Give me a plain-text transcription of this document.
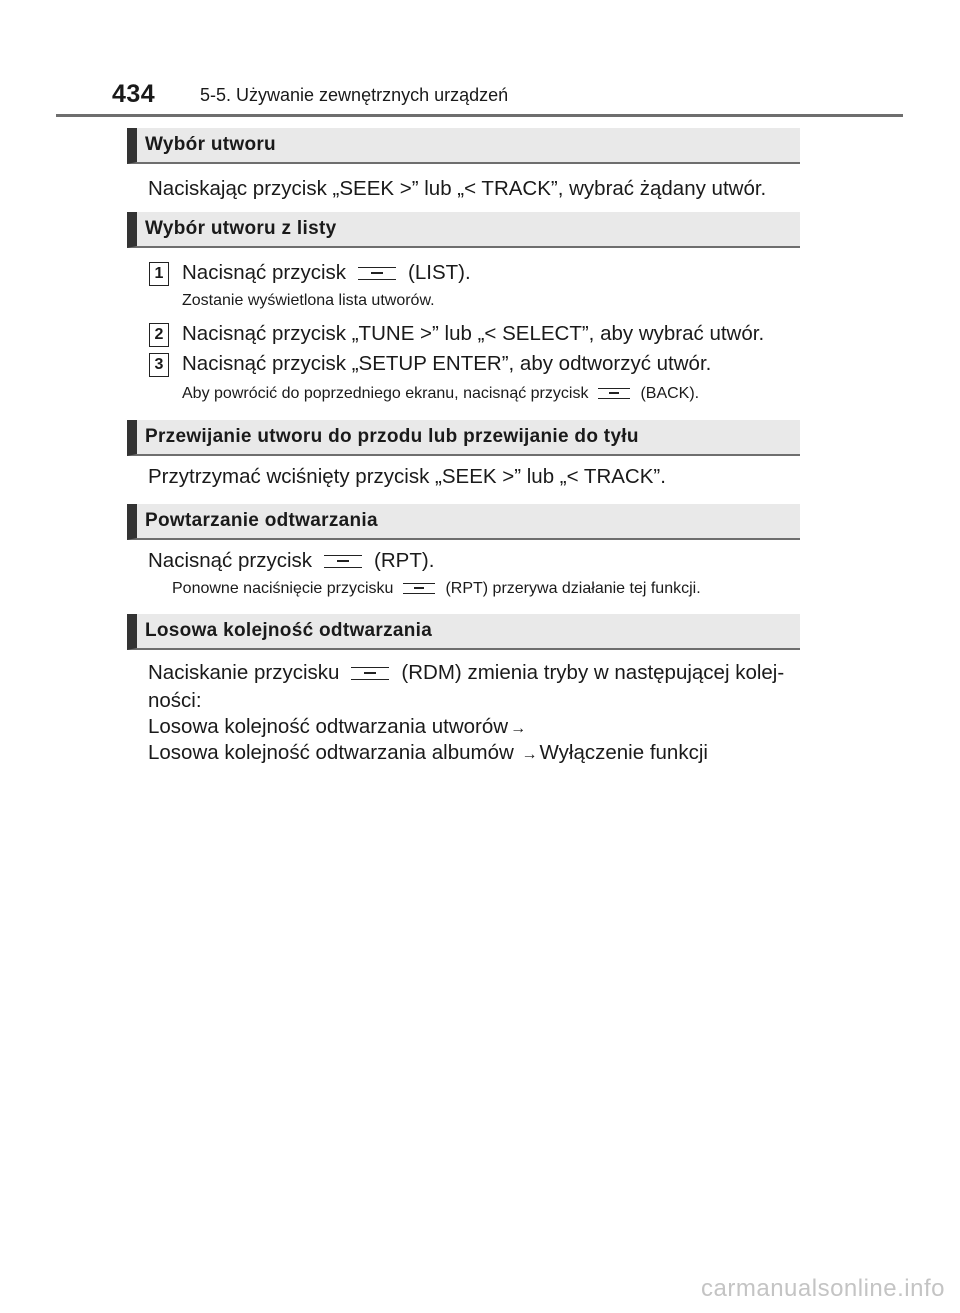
434 5-5. Używanie zewnętrznych urządzeń
Wybór utworu
Naciskając przycisk „SEEK >” lub „< TRACK”, wybrać żądany utwór.
Wybór utworu z listy
1 Nacisnąć przycisk	(LIST).
Zostanie wyświetlona lista utworów.
2 Nacisnąć przycisk „TUNE >” lub „< SELECT”, aby wybrać utwór.
3 Nacisnąć przycisk „SETUP ENTER”, aby odtworzyć utwór.
Aby powrócić do poprzedniego ekranu, nacisnąć przycisk	(BACK).
Przewijanie utworu do przodu lub przewijanie do tyłu
Przytrzymać wciśnięty przycisk „SEEK >” lub „< TRACK”.
Powtarzanie odtwarzania
Nacisnąć przycisk	(RPT).
Ponowne naciśnięcie przycisku	(RPT) przerywa działanie tej funkcji.
Losowa kolejność odtwarzania
Naciskanie przycisku	(RDM) zmienia tryby w następującej kolej-
ności:
Losowa kolejność odtwarzania utworów →
Losowa kolejność odtwarzania albumów →Wyłączenie funkcji
carmanualsonline.info
